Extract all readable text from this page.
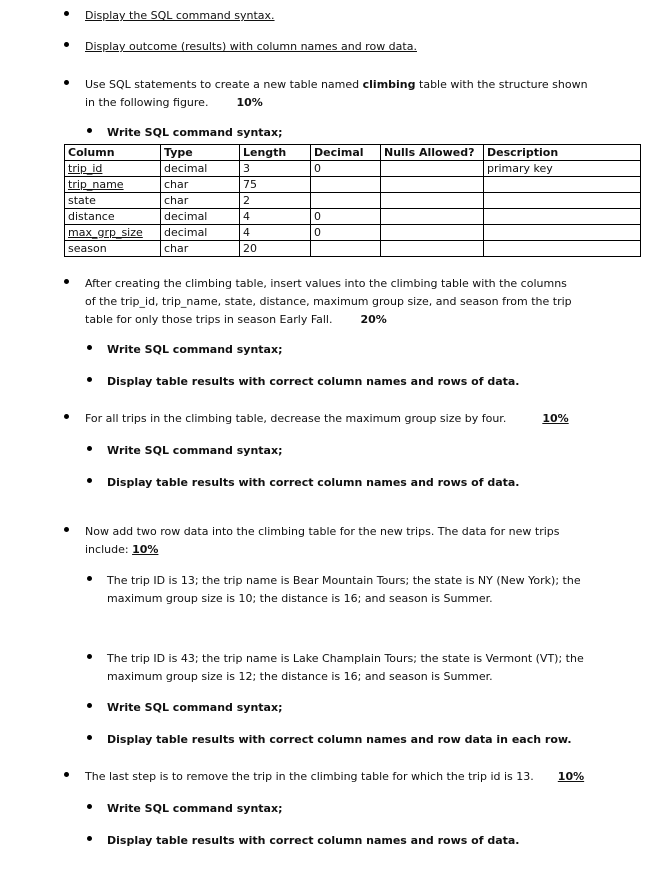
Display the SQL command syntax.
Display outcome (results) with column names and row data.
Use SQL statements to create a new table named climbing table with the structure shown
in the following figure.	10%
Write SQL command syntax;
Column	Type	Length	Decimal	Nulls Allowed?	Description
trip_id	decimal	3	0		primary key
trip_name	char	75			
state	char	2			
distance	decimal	4	0		
max_grp_size	decimal	4	0		
season	char	20			
After creating the climbing table, insert values into the climbing table with the columns
of the trip_id, trip_name, state, distance, maximum group size, and season from the trip
table for only those trips in season Early Fall.	20%
Write SQL command syntax;
Display table results with correct column names and rows of data.
For all trips in the climbing table, decrease the maximum group size by four.	10%
Write SQL command syntax;
Display table results with correct column names and rows of data.
Now add two row data into the climbing table for the new trips. The data for new trips
include: 10%
The trip ID is 13; the trip name is Bear Mountain Tours; the state is NY (New York); the
maximum group size is 10; the distance is 16; and season is Summer.
The trip ID is 43; the trip name is Lake Champlain Tours; the state is Vermont (VT); the
maximum group size is 12; the distance is 16; and season is Summer.
Write SQL command syntax;
Display table results with correct column names and row data in each row.
The last step is to remove the trip in the climbing table for which the trip id is 13. 10%
Write SQL command syntax;
Display table results with correct column names and rows of data.
